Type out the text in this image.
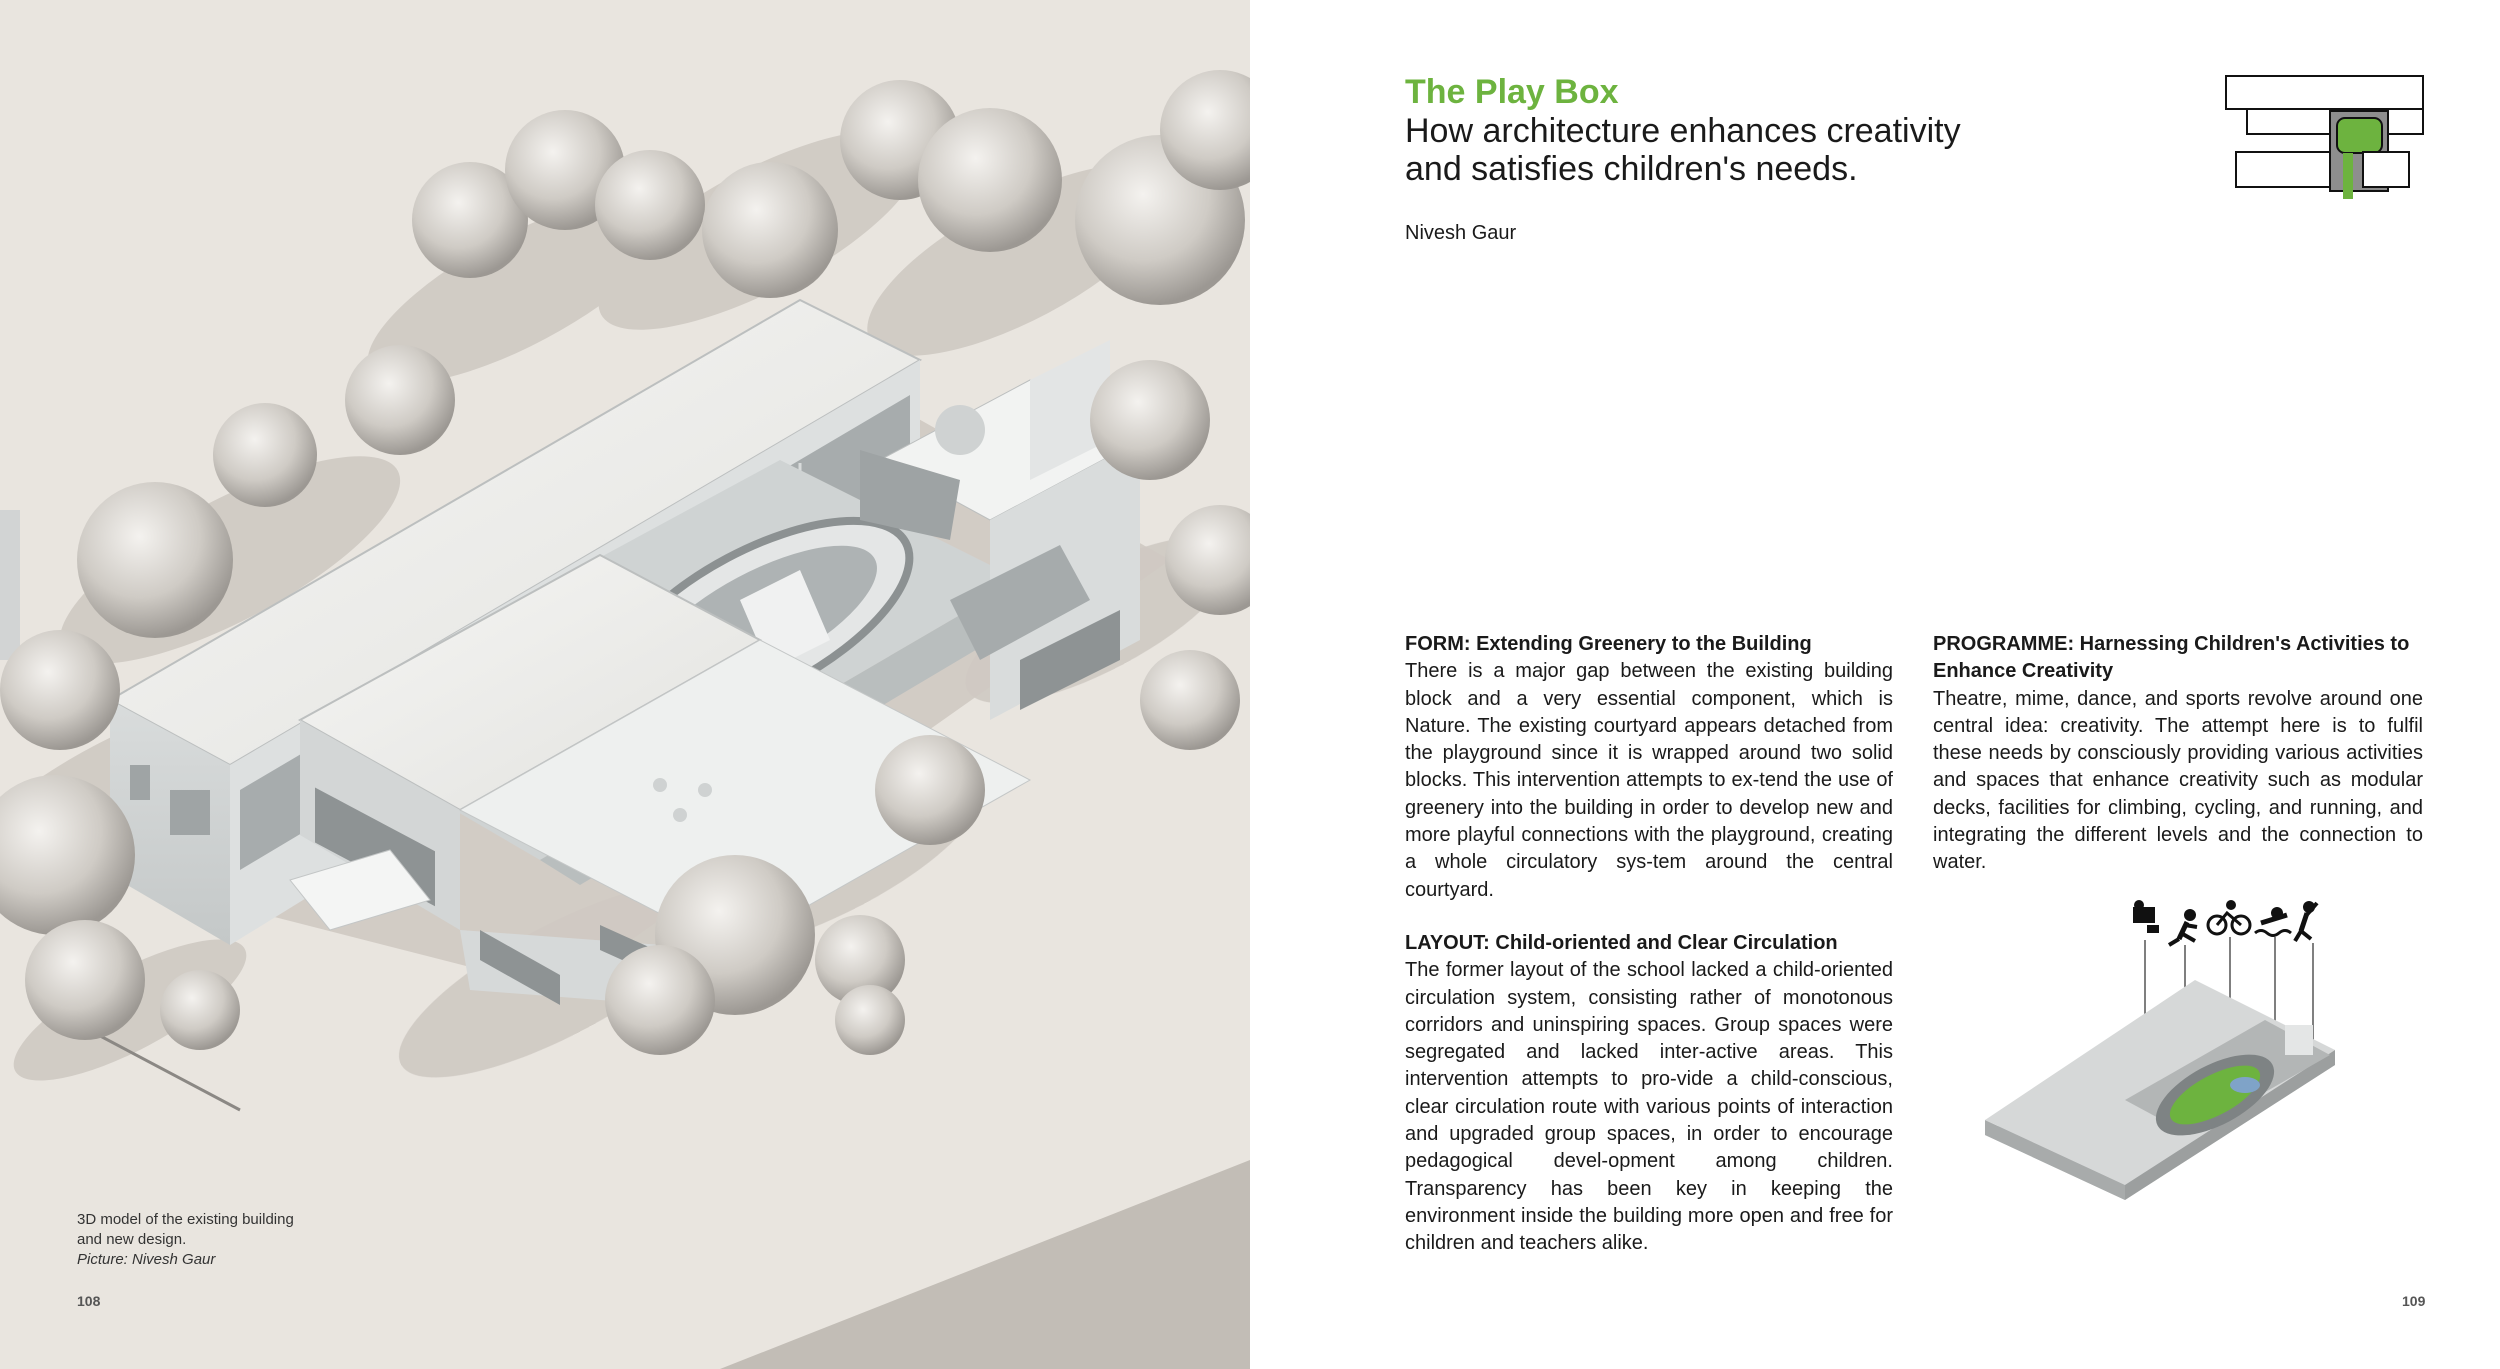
3D model of the existing building
and new design.
Picture: Nivesh Gaur
108
The Play Box
How architecture enhances creativity
and satisfies children's needs.
Nivesh Gaur
FORM: Extending Greenery to the Building

There is a major gap between the existing building block and a very essential component, which is Nature. The existing courtyard appears detached from the playground since it is wrapped around two solid blocks. This intervention attempts to ex-tend the use of greenery into the building in order to develop new and more playful connections with the playground, creating a whole circulatory sys-tem around the central courtyard.

LAYOUT: Child-oriented and Clear Circulation

The former layout of the school lacked a child-oriented circulation system, consisting rather of monotonous corridors and uninspiring spaces. Group spaces were segregated and lacked inter-active areas. This intervention attempts to pro-vide a child-conscious, clear circulation route with various points of interaction and upgraded group spaces, in order to encourage pedagogical devel-opment among children. Transparency has been key in keeping the environment inside the building more open and free for children and teachers alike.

PROGRAMME: Harnessing Children's Activities to Enhance Creativity

Theatre, mime, dance, and sports revolve around one central idea: creativity. The attempt here is to fulfil these needs by consciously providing various activities and spaces that enhance creativity such as modular decks, facilities for climbing, cycling, and running, and integrating the different levels and the connection to water.

109
